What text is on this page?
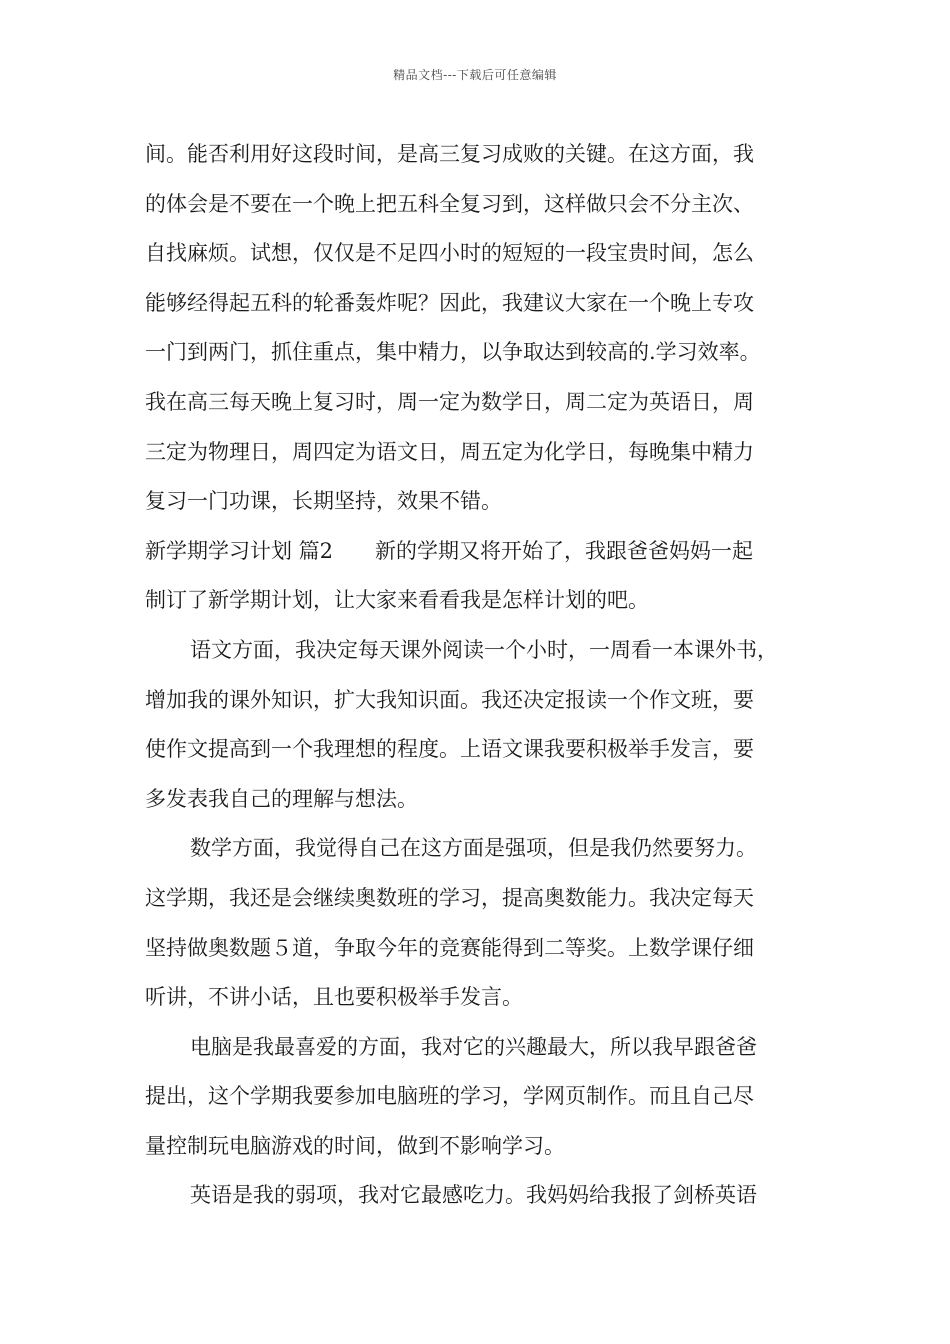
精品文档---下载后可任意编辑
间。能否利用好这段时间，是高三复习成败的关键。在这方面，我
的体会是不要在一个晚上把五科全复习到，这样做只会不分主次、
自找麻烦。试想，仅仅是不足四小时的短短的一段宝贵时间，怎么
能够经得起五科的轮番轰炸呢？因此，我建议大家在一个晚上专攻
一门到两门，抓住重点，集中精力，以争取达到较高的.学习效率。
我在高三每天晚上复习时，周一定为数学日，周二定为英语日，周
三定为物理日，周四定为语文日，周五定为化学日，每晚集中精力
复习一门功课，长期坚持，效果不错。
新学期学习计划 篇2　　新的学期又将开始了，我跟爸爸妈妈一起
制订了新学期计划，让大家来看看我是怎样计划的吧。
语文方面，我决定每天课外阅读一个小时，一周看一本课外书，
增加我的课外知识，扩大我知识面。我还决定报读一个作文班，要
使作文提高到一个我理想的程度。上语文课我要积极举手发言，要
多发表我自己的理解与想法。
数学方面，我觉得自己在这方面是强项，但是我仍然要努力。
这学期，我还是会继续奥数班的学习，提高奥数能力。我决定每天
坚持做奥数题５道，争取今年的竞赛能得到二等奖。上数学课仔细
听讲，不讲小话，且也要积极举手发言。
电脑是我最喜爱的方面，我对它的兴趣最大，所以我早跟爸爸
提出，这个学期我要参加电脑班的学习，学网页制作。而且自己尽
量控制玩电脑游戏的时间，做到不影响学习。
英语是我的弱项，我对它最感吃力。我妈妈给我报了剑桥英语
